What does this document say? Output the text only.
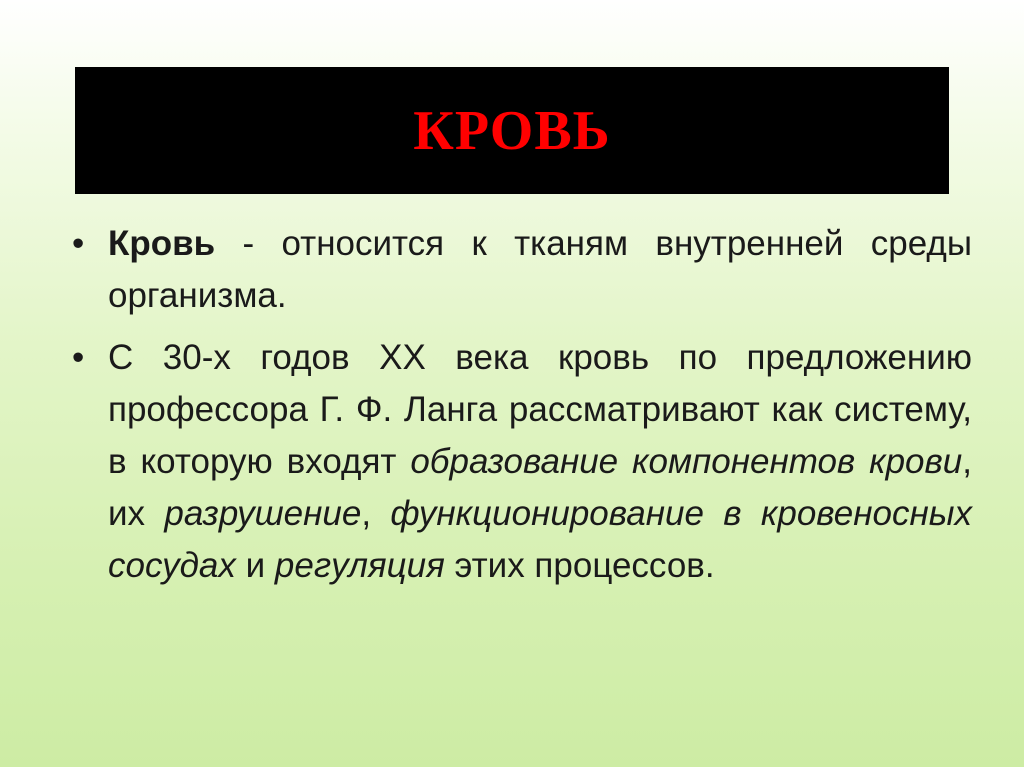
КРОВЬ
• Кровь - относится к тканям внутренней среды организма.
• С 30-х годов XX века кровь по предложению профессора Г. Ф. Ланга рассматривают как систему, в которую входят образование компонентов крови, их разрушение, функционирование в кровеносных сосудах и регуляция этих процессов.
